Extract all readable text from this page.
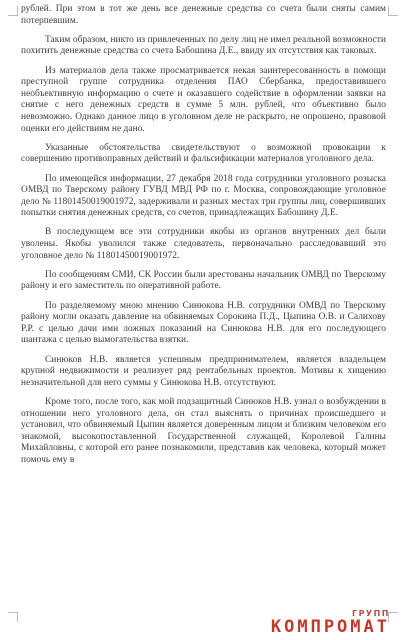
рублей. При этом в тот же день все денежные средства со счета были сняты самим потерпевшим.

Таким образом, никто из привлеченных по делу лиц не имел реальной возможности похитить денежные средства со счета Бабошина Д.Е., ввиду их отсутствия как таковых.

Из материалов дела также просматривается некая заинтересованность в помощи преступной группе сотрудника отделения ПАО Сбербанка, предоставившего необъективную информацию о счете и оказавшего содействие в оформлении заявки на снятие с него денежных средств в сумме 5 млн. рублей, что объективно было невозможно. Однако данное лицо в уголовном деле не раскрыто, не опрошено, правовой оценки его действиям не дано.

Указанные обстоятельства свидетельствуют о возможной провокации к совершению противоправных действий и фальсификации материалов уголовного дела.

По имеющейся информации, 27 декабря 2018 года сотрудники уголовного розыска ОМВД по Тверскому району ГУВД МВД РФ по г. Москва, сопровождающие уголовное дело № 11801450019001972, задерживали и разных местах три группы лиц, совершивших попытки снятия денежных средств, со счетов, принадлежащих Бабошину Д.Е.

В последующем все эти сотрудники якобы из органов внутренних дел были уволены. Якобы уволился также следователь, первоначально расследовавший это уголовное дело № 11801450019001972.

По сообщениям СМИ, СК России были арестованы начальник ОМВД по Тверскому району и его заместитель по оперативной работе.

По разделяемому мною мнению Синюкова Н.В. сотрудники ОМВД по Тверскому району могли оказать давление на обвиняемых Сорокина П.Д., Цыпина О.В. и Салихову Р.Р. с целью дачи ими ложных показаний на Синюкова Н.В. для его последующего шантажа с целью вымогательства взятки.

Синюков Н.В. является успешным предпринимателем, является владельцем крупной недвижимости и реализует ряд рентабельных проектов. Мотивы к хищению незначительной для него суммы у Синюкова Н.В. отсутствуют.

Кроме того, после того, как мой подзащитный Синюков Н.В. узнал о возбуждении в отношении него уголовного дела, он стал выяснять о причинах происшедшего и установил, что обвиняемый Цыпин является доверенным лицом и близким человеком его знакомой, высокопоставленной Государственной служащей, Королевой Галины Михайловны, с которой его ранее познакомили, представив как человека, который может помочь ему в

ГРУПП
КОМПРОМАТ
